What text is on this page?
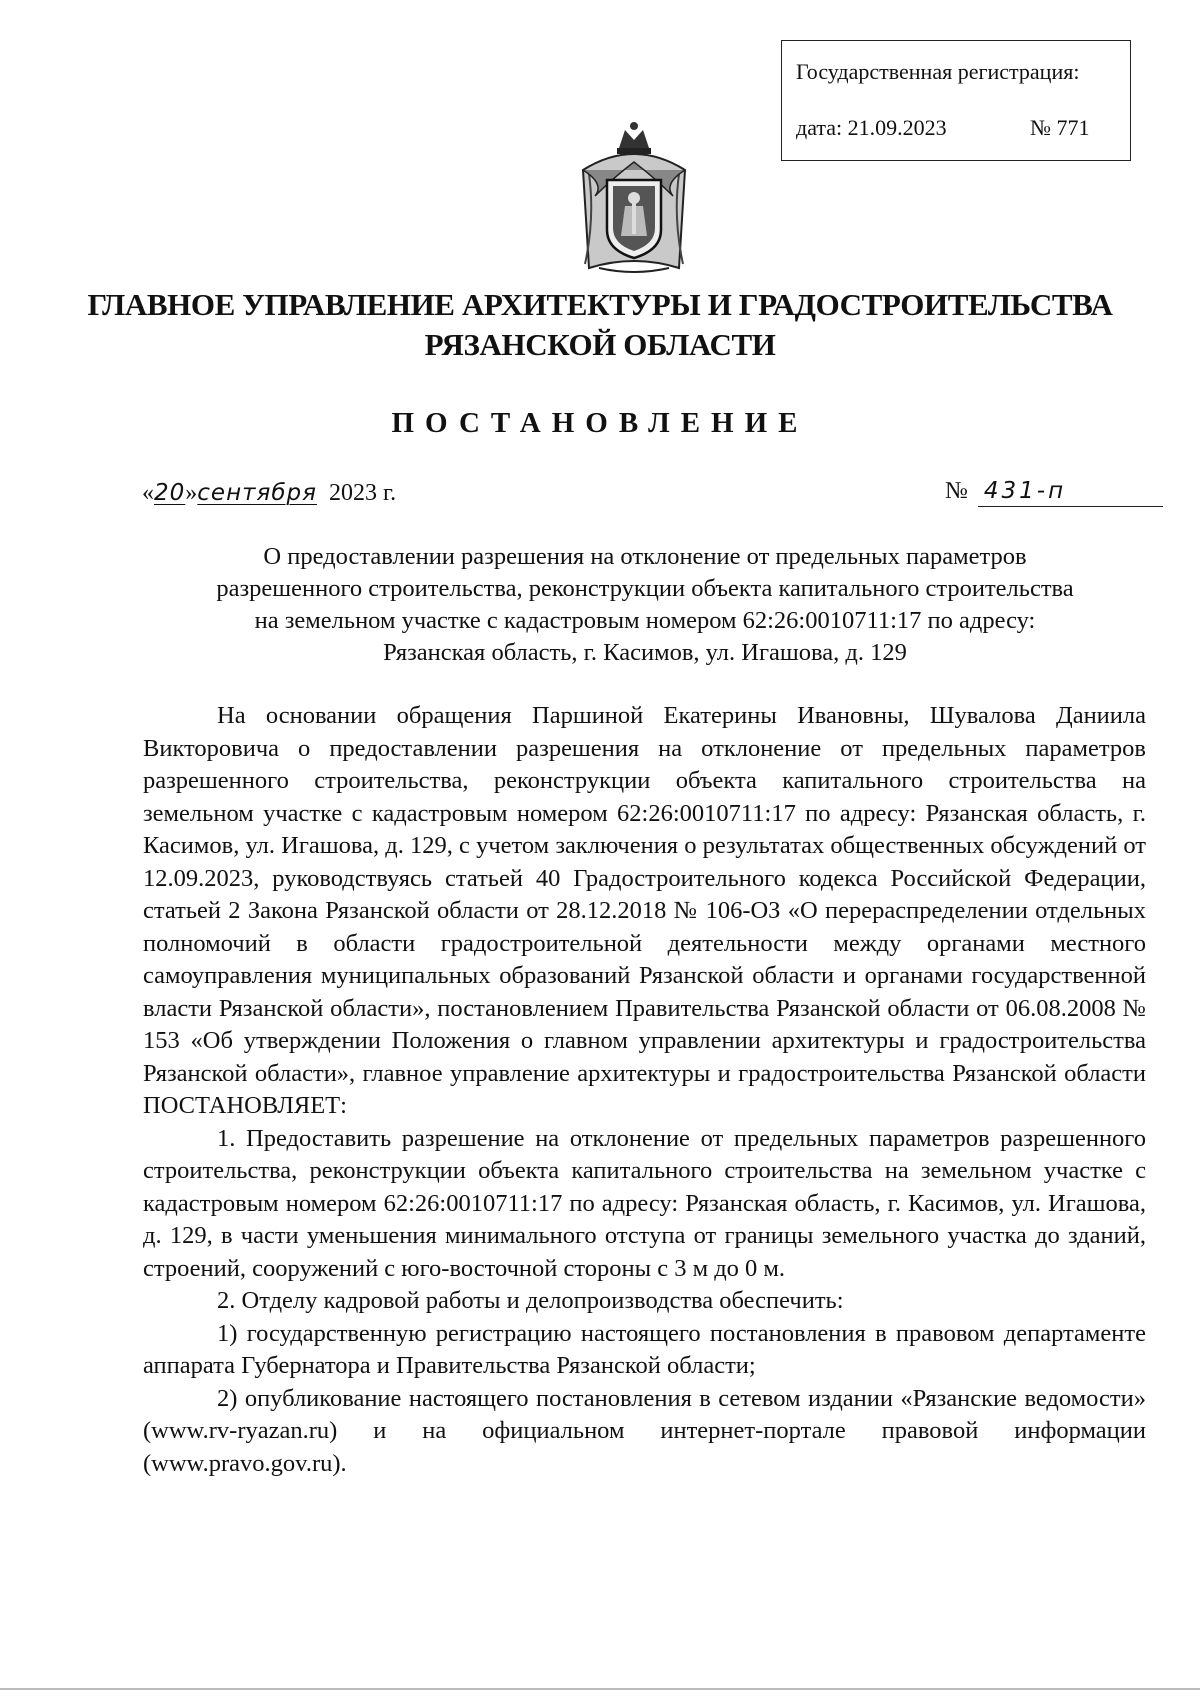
Государственная регистрация:
дата: 21.09.2023	№ 771
ГЛАВНОЕ УПРАВЛЕНИЕ АРХИТЕКТУРЫ И ГРАДОСТРОИТЕЛЬСТВА
РЯЗАНСКОЙ ОБЛАСТИ
ПОСТАНОВЛЕНИЕ
«20»сентября 2023 г.	№ 431-п
О предоставлении разрешения на отклонение от предельных параметров
разрешенного строительства, реконструкции объекта капитального строительства
на земельном участке с кадастровым номером 62:26:0010711:17 по адресу:
Рязанская область, г. Касимов, ул. Игашова, д. 129

На основании обращения Паршиной Екатерины Ивановны, Шувалова Даниила Викторовича о предоставлении разрешения на отклонение от предельных параметров разрешенного строительства, реконструкции объекта капитального строительства на земельном участке с кадастровым номером 62:26:0010711:17 по адресу: Рязанская область, г. Касимов, ул. Игашова, д. 129, с учетом заключения о результатах общественных обсуждений от 12.09.2023, руководствуясь статьей 40 Градостроительного кодекса Российской Федерации, статьей 2 Закона Рязанской области от 28.12.2018 № 106-ОЗ «О перераспределении отдельных полномочий в области градостроительной деятельности между органами местного самоуправления муниципальных образований Рязанской области и органами государственной власти Рязанской области», постановлением Правительства Рязанской области от 06.08.2008 № 153 «Об утверждении Положения о главном управлении архитектуры и градостроительства Рязанской области», главное управление архитектуры и градостроительства Рязанской области ПОСТАНОВЛЯЕТ:

1. Предоставить разрешение на отклонение от предельных параметров разрешенного строительства, реконструкции объекта капитального строительства на земельном участке с кадастровым номером 62:26:0010711:17 по адресу: Рязанская область, г. Касимов, ул. Игашова, д. 129, в части уменьшения минимального отступа от границы земельного участка до зданий, строений, сооружений с юго-восточной стороны с 3 м до 0 м.

2. Отделу кадровой работы и делопроизводства обеспечить:

1) государственную регистрацию настоящего постановления в правовом департаменте аппарата Губернатора и Правительства Рязанской области;

2) опубликование настоящего постановления в сетевом издании «Рязанские ведомости» (www.rv-ryazan.ru) и на официальном интернет-портале правовой информации (www.pravo.gov.ru).
